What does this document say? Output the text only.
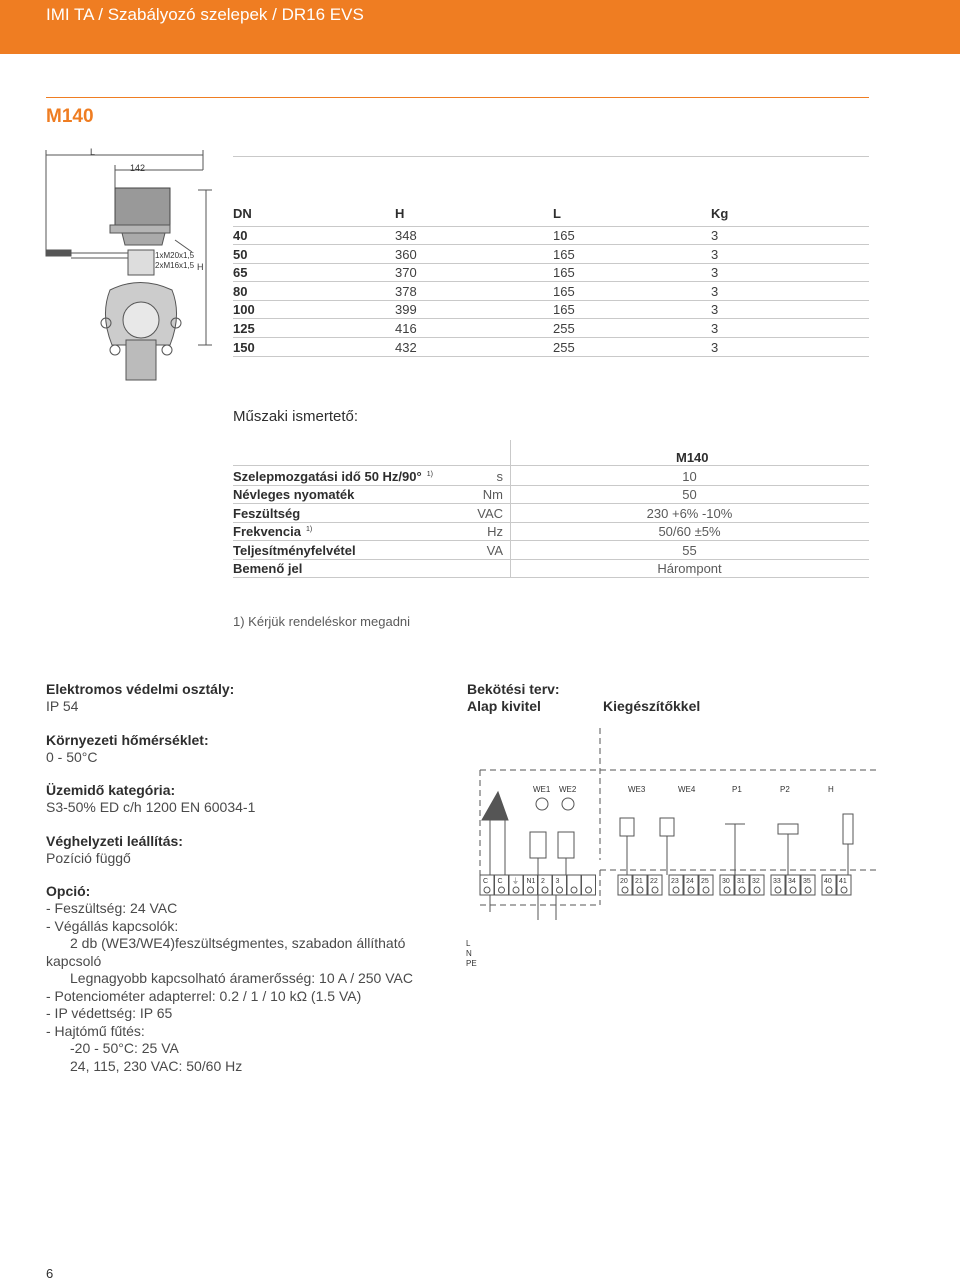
IMI TA / Szabályozó szelepek / DR16 EVS
M140
L
142
1xM20x1,5
2xM16x1,5 H
DN	H	L	Kg
40	348	165	3
50	360	165	3
65	370	165	3
80	378	165	3
100	399	165	3
125	416	255	3
150	432	255	3
Műszaki ismertető:
M140
Szelepmozgatási idő 50 Hz/90° $^{1)}$	s	10
Névleges nyomaték	Nm	50
Feszültség	VAC	230 +6% -10%
Frekvencia $^{1)}$	Hz	50/60 ±5%
Teljesítményfelvétel	VA	55
Bemenő jel	Hárompont
1) Kérjük rendeléskor megadni
Elektromos védelmi osztály:
IP 54
Környezeti hőmérséklet:
0 - 50°C
Üzemidő kategória:
S3-50% ED c/h 1200 EN 60034-1
Véghelyzeti leállítás:
Pozíció függő
Opció:
- Feszültség: 24 VAC
- Végállás kapcsolók:
2 db (WE3/WE4)feszültségmentes, szabadon állítható
kapcsoló
Legnagyobb kapcsolható áramerősség: 10 A / 250 VAC
- Potenciométer adapterrel: 0.2 / 1 / 10 kΩ (1.5 VA)
- IP védettség: IP 65
- Hajtómű fűtés:
-20 - 50°C: 25 VA
24, 115, 230 VAC: 50/60 Hz
Bekötési terv:
Alap kivitel	Kiegészítőkkel
WE1 WE2	WE3	WE4	P1	P2	H
C C ⏚ N1 2 3	20 21 22 23 24 25 30 31 32 33 34 35 40 41
L
N
PE
6
